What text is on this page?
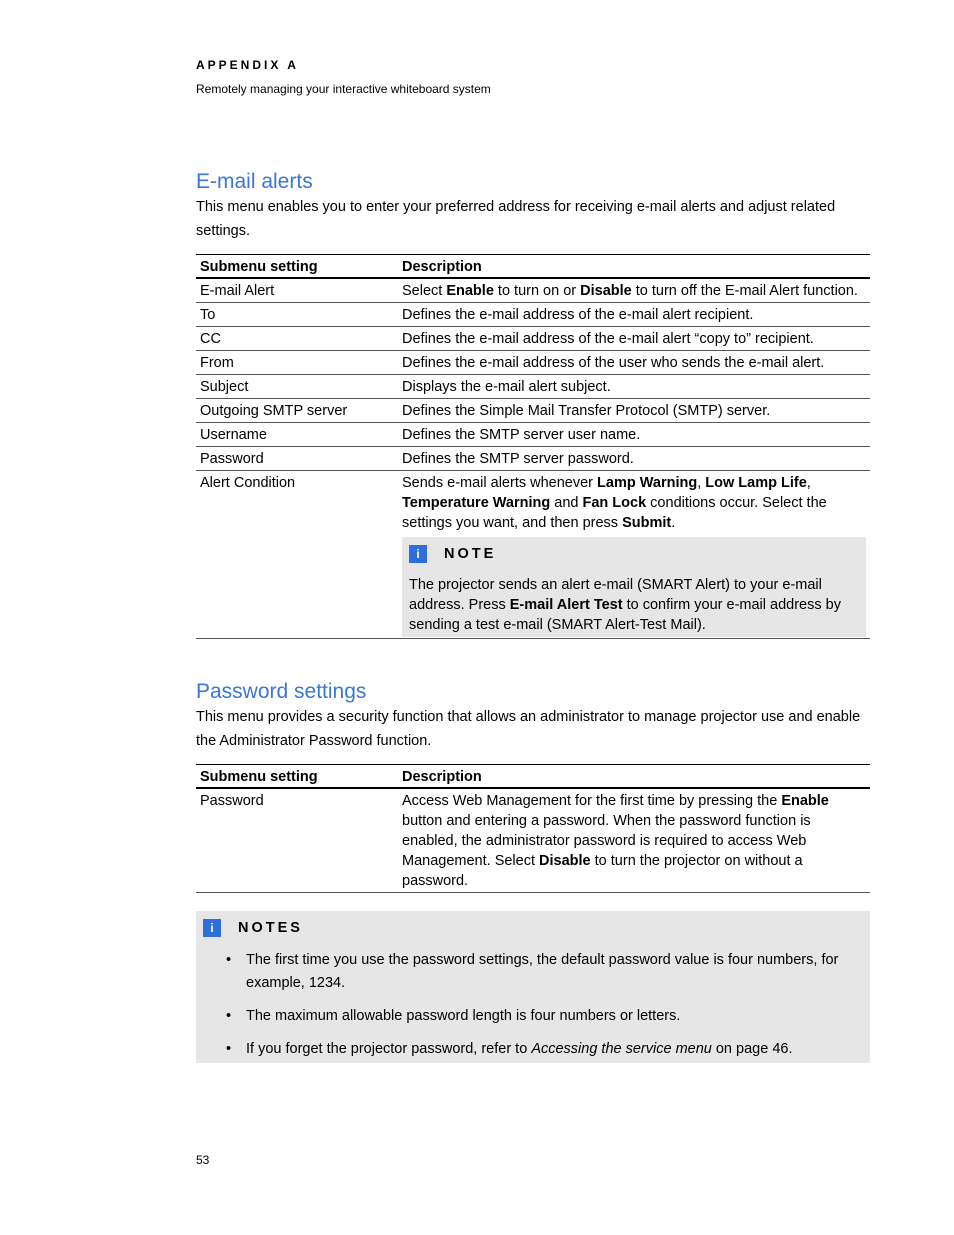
APPENDIX A
Remotely managing your interactive whiteboard system
E-mail alerts

This menu enables you to enter your preferred address for receiving e-mail alerts and adjust related settings.

Submenu setting	Description
E-mail Alert	Select Enable to turn on or Disable to turn off the E-mail Alert function.
To	Defines the e-mail address of the e-mail alert recipient.
CC	Defines the e-mail address of the e-mail alert “copy to” recipient.
From	Defines the e-mail address of the user who sends the e-mail alert.
Subject	Displays the e-mail alert subject.
Outgoing SMTP server	Defines the Simple Mail Transfer Protocol (SMTP) server.
Username	Defines the SMTP server user name.
Password	Defines the SMTP server password.
Alert Condition	Sends e-mail alerts whenever Lamp Warning, Low Lamp Life, Temperature Warning and Fan Lock conditions occur. Select the settings you want, and then press Submit.
i NOTE
The projector sends an alert e-mail (SMART Alert) to your e-mail address. Press E-mail Alert Test to confirm your e-mail address by sending a test e-mail (SMART Alert-Test Mail).
Password settings

This menu provides a security function that allows an administrator to manage projector use and enable the Administrator Password function.

Submenu setting	Description
Password	Access Web Management for the first time by pressing the Enable button and entering a password. When the password function is enabled, the administrator password is required to access Web Management. Select Disable to turn the projector on without a password.
i	NOTES
• The first time you use the password settings, the default password value is four numbers, for example, 1234.
• The maximum allowable password length is four numbers or letters.
• If you forget the projector password, refer to Accessing the service menu on page 46.
53
